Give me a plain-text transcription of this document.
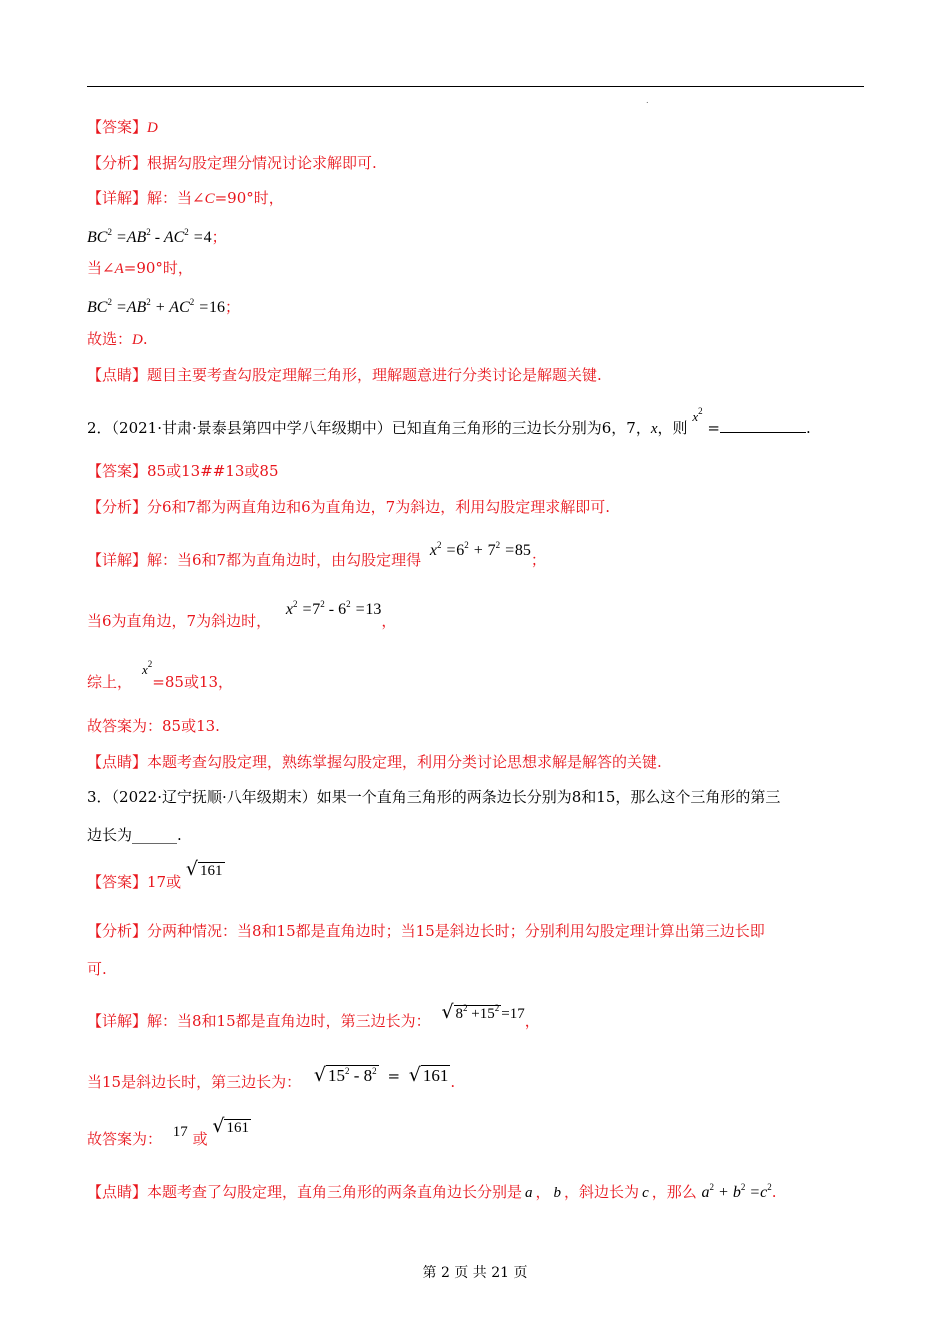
.
【答案】D
【分析】根据勾股定理分情况讨论求解即可.
【详解】解：当∠C=90°时，
$BC^2 =AB^2 - AC^2 =4$；
当∠A=90°时，
$BC^2 =AB^2 + AC^2 =16$；
故选：D.
【点睛】题目主要考查勾股定理解三角形，理解题意进行分类讨论是解题关键.
2．（2021·甘肃·景泰县第四中学八年级期中）已知直角三角形的三边长分别为6，7，x，则 $x^2$ =	.
【答案】85或13##13或85
【分析】分6和7都为两直角边和6为直角边，7为斜边，利用勾股定理求解即可.
【详解】解：当6和7都为直角边时，由勾股定理得 $x^2 =6^2 + 7^2 =85$；
当6为直角边，7为斜边时， $x^2 =7^2 - 6^2 =13$，
综上，$x^2=85$或13，
故答案为：85或13.
【点睛】本题考查勾股定理，熟练掌握勾股定理，利用分类讨论思想求解是解答的关键.
3．（2022·辽宁抚顺·八年级期末）如果一个直角三角形的两条边长分别为8和15，那么这个三角形的第三
边长为______.
【答案】17或 √ 161
【分析】分两种情况：当8和15都是直角边时；当15是斜边长时；分别利用勾股定理计算出第三边长即
可.
【详解】解：当8和15都是直角边时，第三边长为： √ $8^2 +15^2 =17$，
当15是斜边长时，第三边长为： √ $15^2 - 8^2$ = √ 161 .
故答案为： 17 或 √ 161
【点睛】本题考查了勾股定理，直角三角形的两条直角边长分别是 a ， b ，斜边长为 c ，那么 $a^2 + b^2 =c^2$.
第 2 页 共 21 页
